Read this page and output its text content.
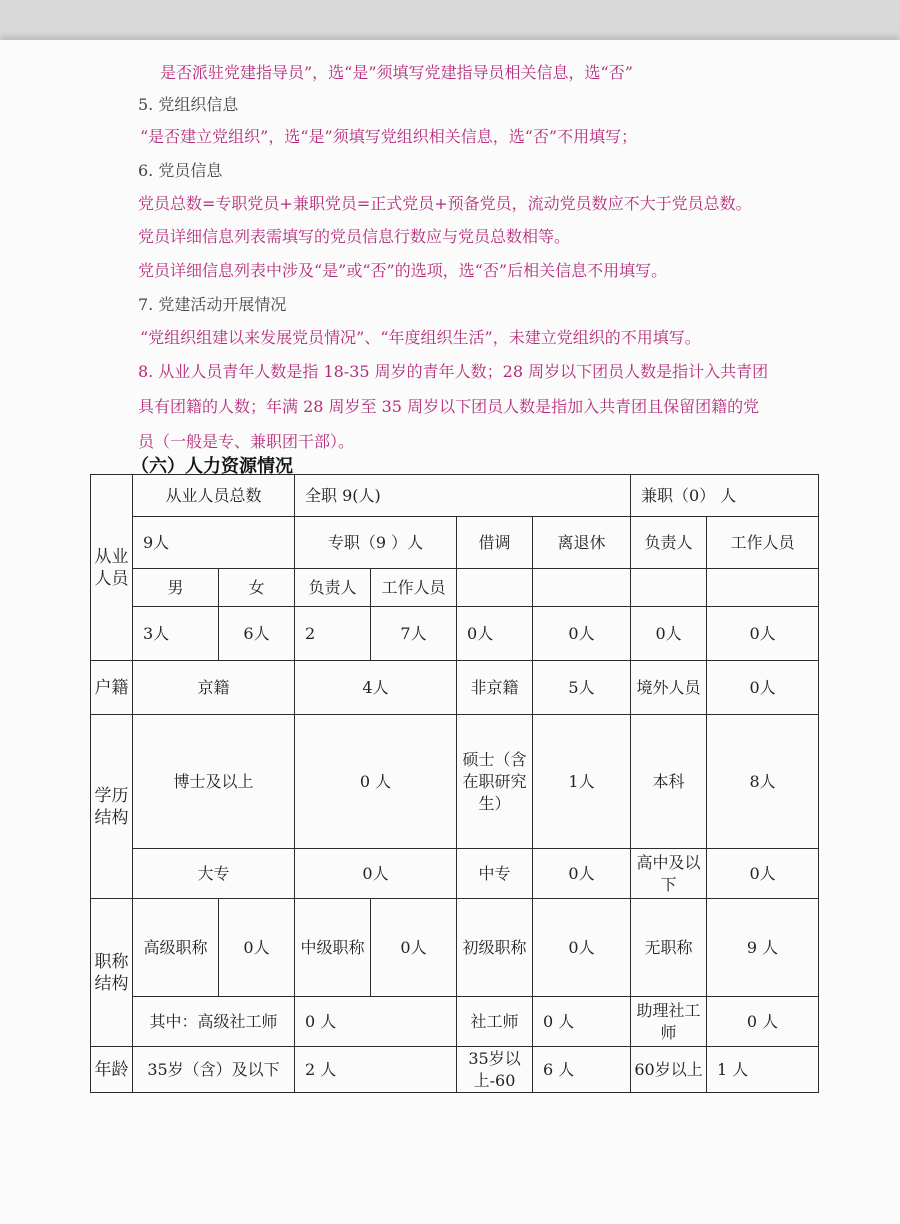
是否派驻党建指导员”，选“是”须填写党建指导员相关信息，选“否”
5. 党组织信息
“是否建立党组织”，选“是”须填写党组织相关信息，选“否”不用填写；
6. 党员信息
党员总数=专职党员+兼职党员=正式党员+预备党员，流动党员数应不大于党员总数。
党员详细信息列表需填写的党员信息行数应与党员总数相等。
党员详细信息列表中涉及“是”或“否”的选项，选“否”后相关信息不用填写。
7. 党建活动开展情况
“党组织组建以来发展党员情况”、“年度组织生活”，未建立党组织的不用填写。
8. 从业人员青年人数是指 18-35 周岁的青年人数；28 周岁以下团员人数是指计入共青团
具有团籍的人数；年满 28 周岁至 35 周岁以下团员人数是指加入共青团且保留团籍的党
员（一般是专、兼职团干部）。
（六）人力资源情况
从业人员	从业人员总数		全职 9(人)				兼职（0） 人	
	9人		专职（9 ）人		借调	离退休	负责人	工作人员
	男	女	负责人	工作人员				
	3人	6人	2	7人	0人	0人	0人	0人
户籍	京籍		4人		非京籍	5人	境外人员	0人
学历结构	博士及以上		0 人		硕士（含在职研究生）	1人	本科	8人
	大专		0人		中专	0人	高中及以下	0人
职称结构	高级职称	0人	中级职称	0人	初级职称	0人	无职称	9 人
	其中：高级社工师		0 人		社工师	0 人	助理社工师	0 人
年龄	35岁（含）及以下		2 人		35岁以上-60	6 人	60岁以上	1 人
